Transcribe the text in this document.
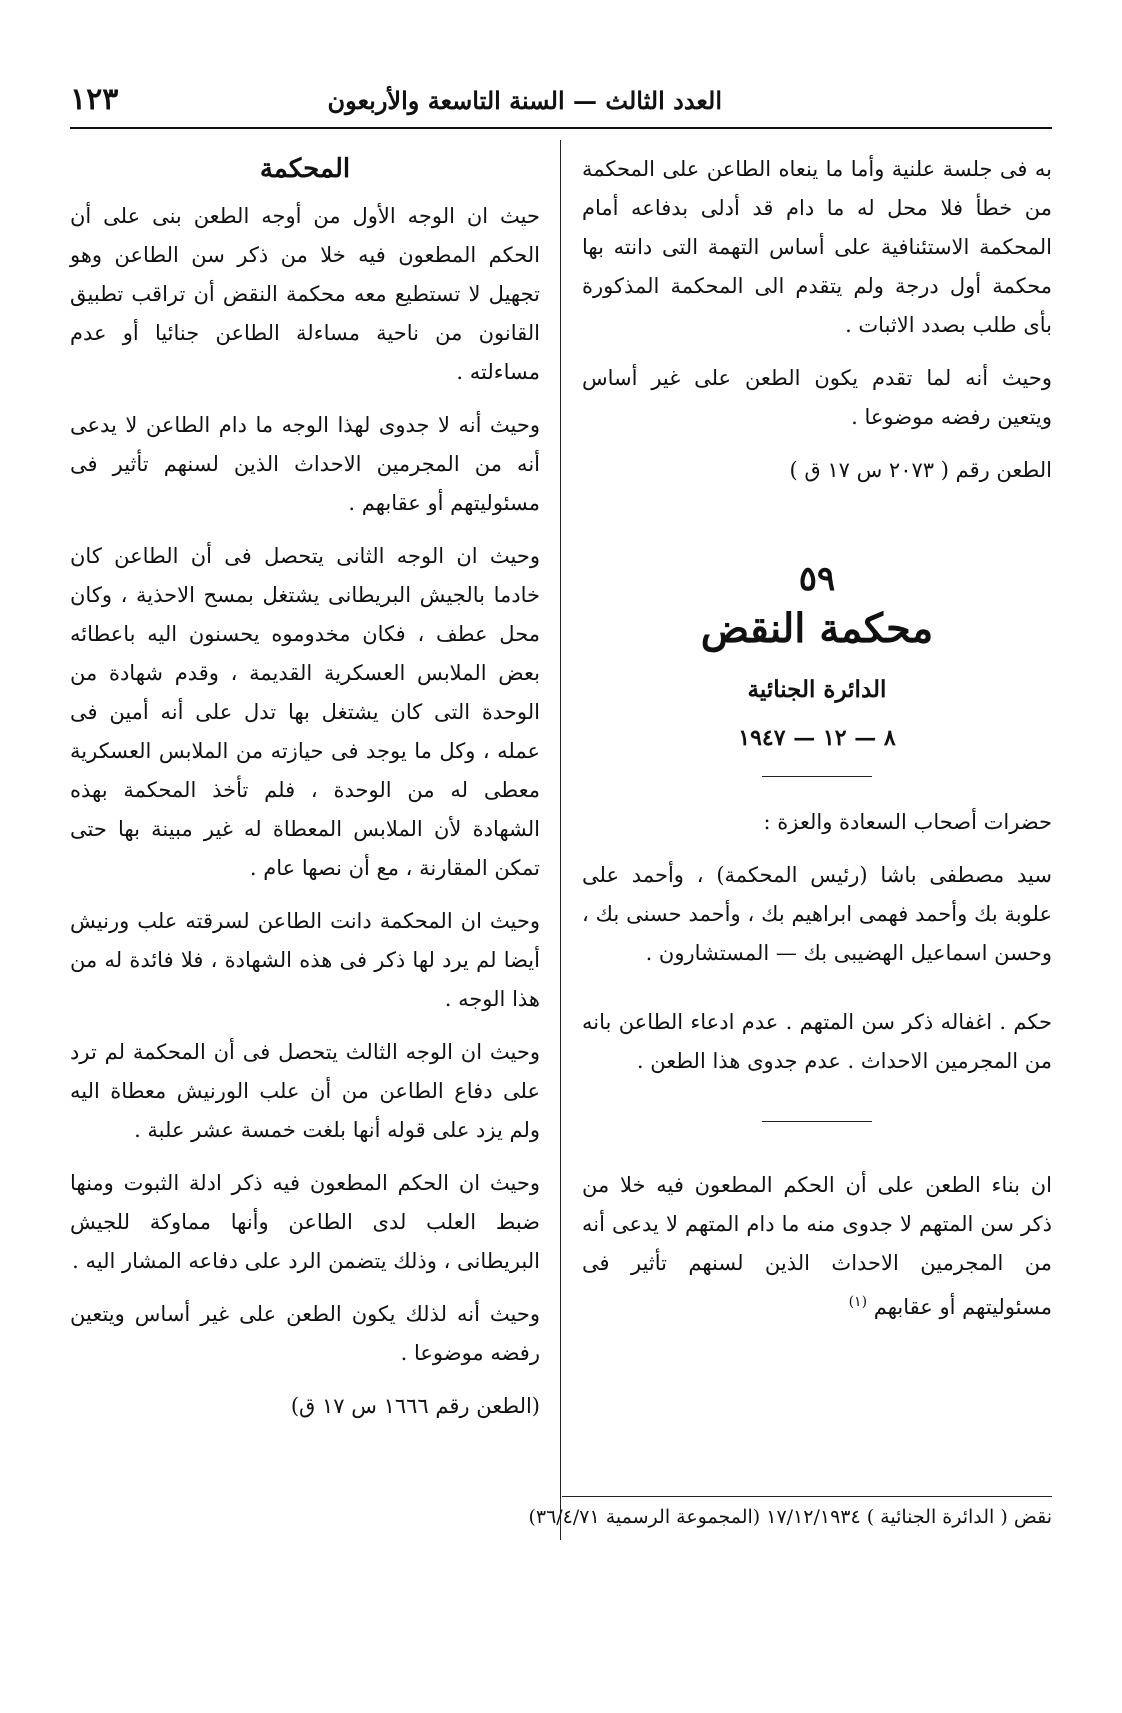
١٢٣	العدد الثالث — السنة التاسعة والأربعون

به فى جلسة علنية وأما ما ينعاه الطاعن على المحكمة من خطأ فلا محل له ما دام قد أدلى بدفاعه أمام المحكمة الاستئنافية على أساس التهمة التى دانته بها محكمة أول درجة ولم يتقدم الى المحكمة المذكورة بأى طلب بصدد الاثبات .

وحيث أنه لما تقدم يكون الطعن على غير أساس ويتعين رفضه موضوعا .

الطعن رقم ( ٢٠٧٣ س ١٧ ق )

٥٩
محكمة النقض
الدائرة الجنائية
٨ — ١٢ — ١٩٤٧

حضرات أصحاب السعادة والعزة :

سيد مصطفى باشا (رئيس المحكمة) ، وأحمد على علوبة بك وأحمد فهمى ابراهيم بك ، وأحمد حسنى بك ، وحسن اسماعيل الهضيبى بك — المستشارون .

حكم . اغفاله ذكر سن المتهم . عدم ادعاء الطاعن بانه من المجرمين الاحداث . عدم جدوى هذا الطعن .

ان بناء الطعن على أن الحكم المطعون فيه خلا من ذكر سن المتهم لا جدوى منه ما دام المتهم لا يدعى أنه من المجرمين الاحداث الذين لسنهم تأثير فى مسئوليتهم أو عقابهم $^{(١)}$

المحكمة

حيث ان الوجه الأول من أوجه الطعن بنى على أن الحكم المطعون فيه خلا من ذكر سن الطاعن وهو تجهيل لا تستطيع معه محكمة النقض أن تراقب تطبيق القانون من ناحية مساءلة الطاعن جنائيا أو عدم مساءلته .

وحيث أنه لا جدوى لهذا الوجه ما دام الطاعن لا يدعى أنه من المجرمين الاحداث الذين لسنهم تأثير فى مسئوليتهم أو عقابهم .

وحيث ان الوجه الثانى يتحصل فى أن الطاعن كان خادما بالجيش البريطانى يشتغل بمسح الاحذية ، وكان محل عطف ، فكان مخدوموه يحسنون اليه باعطائه بعض الملابس العسكرية القديمة ، وقدم شهادة من الوحدة التى كان يشتغل بها تدل على أنه أمين فى عمله ، وكل ما يوجد فى حيازته من الملابس العسكرية معطى له من الوحدة ، فلم تأخذ المحكمة بهذه الشهادة لأن الملابس المعطاة له غير مبينة بها حتى تمكن المقارنة ، مع أن نصها عام .

وحيث ان المحكمة دانت الطاعن لسرقته علب ورنيش أيضا لم يرد لها ذكر فى هذه الشهادة ، فلا فائدة له من هذا الوجه .

وحيث ان الوجه الثالث يتحصل فى أن المحكمة لم ترد على دفاع الطاعن من أن علب الورنيش معطاة اليه ولم يزد على قوله أنها بلغت خمسة عشر علبة .

وحيث ان الحكم المطعون فيه ذكر ادلة الثبوت ومنها ضبط العلب لدى الطاعن وأنها مماوكة للجيش البريطانى ، وذلك يتضمن الرد على دفاعه المشار اليه .

وحيث أنه لذلك يكون الطعن على غير أساس ويتعين رفضه موضوعا .

(الطعن رقم ١٦٦٦ س ١٧ ق)

نقض ( الدائرة الجنائية ) ١٧/١٢/١٩٣٤ (المجموعة الرسمية ٣٦/٤/٧١)
